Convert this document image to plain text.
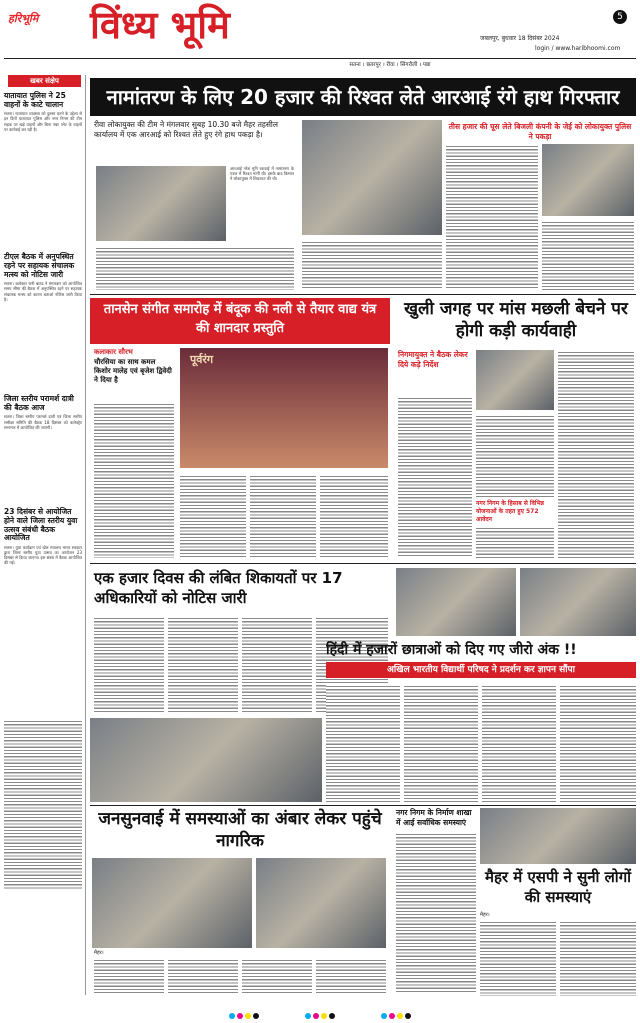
हरिभूमि विंध्य भूमि	5
जबलपुर, बुधवार 18 दिसंबर 2024
login / www.haribhoomi.com
सतना । छतरपुर । रीवा । सिंगरौली । पन्ना
खबर संक्षेप
यातायात पुलिस ने 25 वाहनों के काटे चालान
सतना। यातायात व्यवस्था को दुरुस्त करने के उद्देश्य से इन दिनों यातायात पुलिस और नगर निगम की टीम सड़क पर खड़े वाहनों और बिना नंबर प्लेट के वाहनों पर कार्रवाई कर रही है।
टीएल बैठक में अनुपस्थित रहने पर सहायक संचालक मत्स्य को नोटिस जारी
सतना। कलेक्टर रानी बाटड ने मंगलवार को आयोजित समय सीमा की बैठक में अनुपस्थित रहने पर सहायक संचालक मत्स्य को कारण बताओ नोटिस जारी किया है।
जिला स्तरीय परामर्श दात्री की बैठक आज
सतना। जिला स्तरीय परामर्श दात्री एवं जिला स्तरीय समीक्षा समिति की बैठक 18 दिसंबर को कलेक्ट्रेट सभागार में आयोजित की जाएगी।
23 दिसंबर से आयोजित होने वाले जिला स्तरीय युवा उत्सव संबंधी बैठक आयोजित
सतना। युवा कार्यक्रम एवं खेल मंत्रालय भारत सरकार द्वारा जिला स्तरीय युवा उत्सव का आयोजन 23 दिसंबर से किया जाएगा। इस संबंध में बैठक आयोजित की गई।
नामांतरण के लिए 20 हजार की रिश्वत लेते आरआई रंगे हाथ गिरफ्तार
रीवा लोकायुक्त की टीम ने मंगलवार सुबह 10.30 बजे मैहर तहसील कार्यालय में एक आरआई को रिश्वत लेते हुए रंगे हाथ पकड़ा है।
आरआई नरेश मुनि रकवाई में नामांतरण के एवज में रिश्वत मांगी थी। इसके बाद किसान ने लोकायुक्त में शिकायत की थी।
तीस हजार की घूस लेते बिजली कंपनी के जेई को लोकायुक्त पुलिस ने पकड़ा
तानसेन संगीत समारोह में बंदूक की नली से तैयार वाद्य यंत्र की शानदार प्रस्तुति
कलाकार सौरभ
चौरसिया का साथ कमल किशोर मालेह एवं बृजेश द्विवेदी ने दिया है
पूर्वरंग
खुली जगह पर मांस मछली बेचने पर होगी कड़ी कार्यवाही
निगमायुक्त ने बैठक लेकर दिये कड़े निर्देश
नगर निगम के हिसाब से विभिन्न योजनाओं के तहत हुए 572 आवेदन
एक हजार दिवस की लंबित शिकायतों पर 17 अधिकारियों को नोटिस जारी
हिंदी में हजारों छात्राओं को दिए गए जीरो अंक !!
अखिल भारतीय विद्यार्थी परिषद ने प्रदर्शन कर ज्ञापन सौंपा
जनसुनवाई में समस्याओं का अंबार लेकर पहुंचे नागरिक
मैहर।
नगर निगम के निर्माण शाखा में आई सर्वाधिक समस्याएं
मैहर में एसपी ने सुनी लोगों की समस्याएं
मैहर।
